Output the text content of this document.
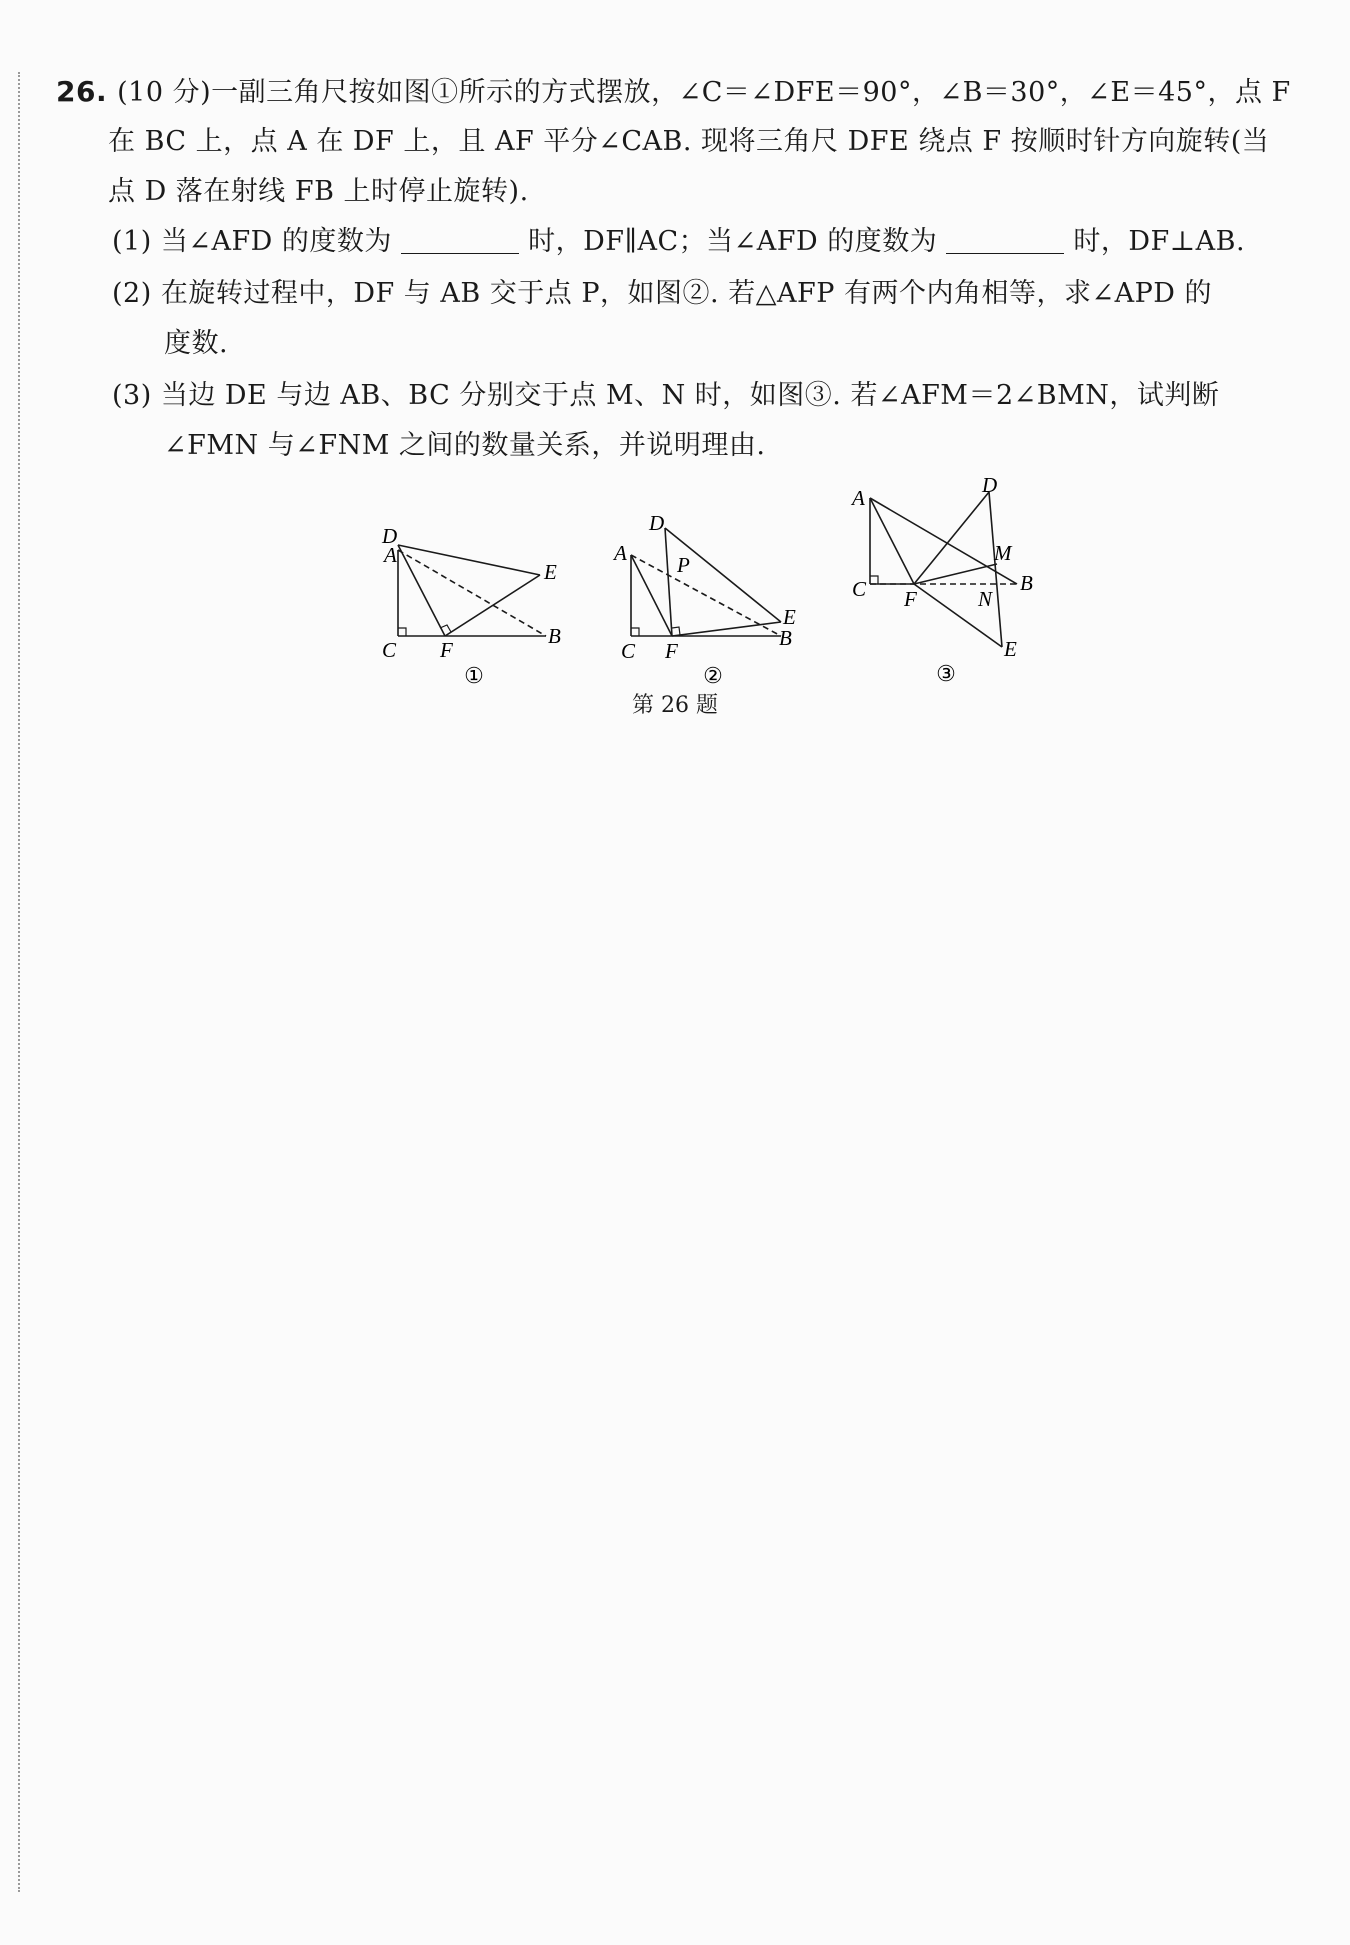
26. (10 分)一副三角尺按如图①所示的方式摆放，∠C＝∠DFE＝90°，∠B＝30°，∠E＝45°，点 F
在 BC 上，点 A 在 DF 上，且 AF 平分∠CAB. 现将三角尺 DFE 绕点 F 按顺时针方向旋转(当
点 D 落在射线 FB 上时停止旋转).
(1) 当∠AFD 的度数为	时，DF∥AC；当∠AFD 的度数为	时，DF⊥AB.
(2) 在旋转过程中，DF 与 AB 交于点 P，如图②. 若△AFP 有两个内角相等，求∠APD 的
度数.
(3) 当边 DE 与边 AB、BC 分别交于点 M、N 时，如图③. 若∠AFM＝2∠BMN，试判断
∠FMN 与∠FNM 之间的数量关系，并说明理由.
D
A
E
C F
B
①
D
A P
E
C F
B
②
A
D
M
C F	N
B
E
③
第 26 题
